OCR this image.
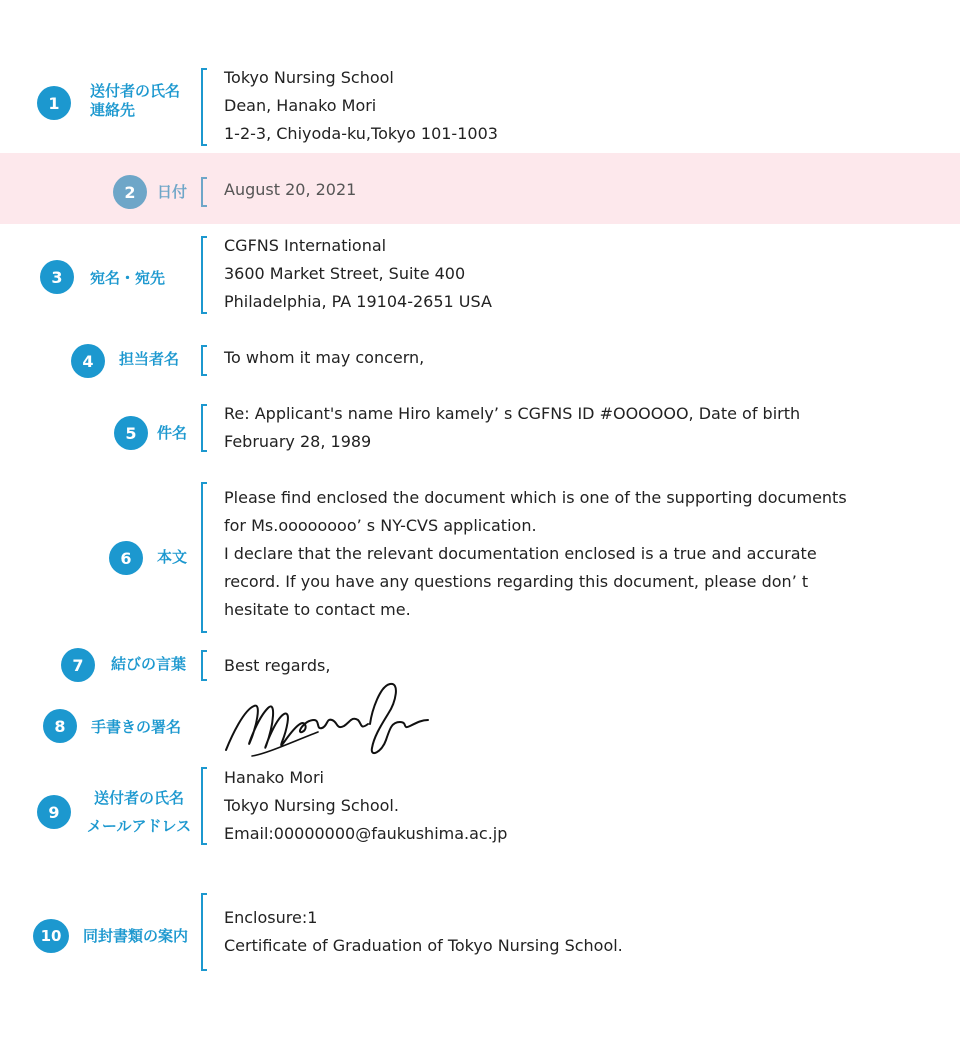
1
送付者の氏名
連絡先
Tokyo Nursing School
Dean, Hanako Mori
1-2-3, Chiyoda-ku,Tokyo 101-1003
2 日付 August 20, 2021
3 宛名・宛先
CGFNS International
3600 Market Street, Suite 400
Philadelphia, PA 19104-2651 USA
4 担当者名	To whom it may concern,
5 件名
Re: Applicant's name Hiro kamely’ s CGFNS ID #OOOOOO, Date of birth
February 28, 1989
6 本文
Please find enclosed the document which is one of the supporting documents
for Ms.oooooooo’ s NY-CVS application.
I declare that the relevant documentation enclosed is a true and accurate
record. If you have any questions regarding this document, please don’ t
hesitate to contact me.
7 結びの言葉 Best regards,
8 手書きの署名
9
送付者の氏名
メールアドレス
Hanako Mori
Tokyo Nursing School.
Email:00000000@faukushima.ac.jp
10 同封書類の案内
Enclosure:1
Certificate of Graduation of Tokyo Nursing School.
